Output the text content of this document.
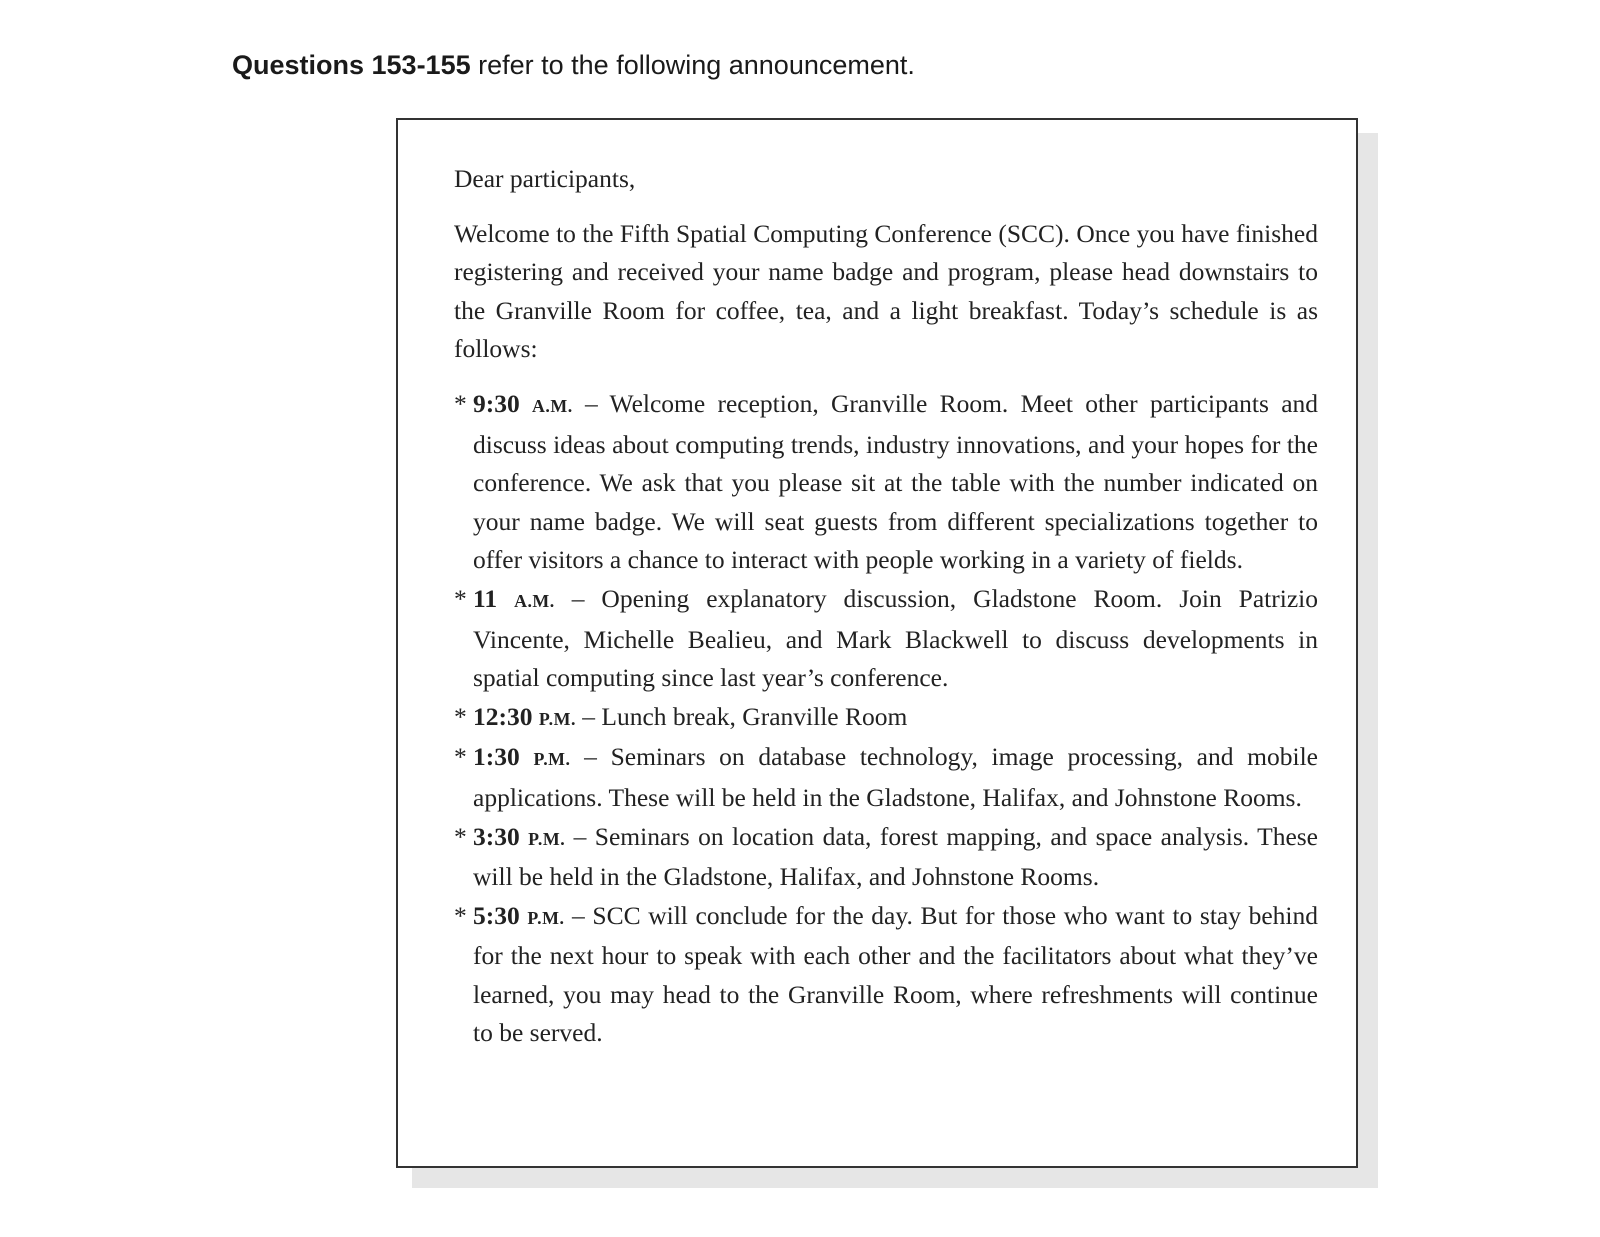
Questions 153-155 refer to the following announcement.

Dear participants,

Welcome to the Fifth Spatial Computing Conference (SCC). Once you have finished registering and received your name badge and program, please head downstairs to the Granville Room for coffee, tea, and a light breakfast. Today’s schedule is as follows:

* 9:30 A.M. – Welcome reception, Granville Room. Meet other participants and discuss ideas about computing trends, industry innovations, and your hopes for the conference. We ask that you please sit at the table with the number indicated on your name badge. We will seat guests from different specializations together to offer visitors a chance to interact with people working in a variety of fields.
* 11 A.M. – Opening explanatory discussion, Gladstone Room. Join Patrizio Vincente, Michelle Bealieu, and Mark Blackwell to discuss developments in spatial computing since last year’s conference.
* 12:30 P.M. – Lunch break, Granville Room
* 1:30 P.M. – Seminars on database technology, image processing, and mobile applications. These will be held in the Gladstone, Halifax, and Johnstone Rooms.
* 3:30 P.M. – Seminars on location data, forest mapping, and space analysis. These will be held in the Gladstone, Halifax, and Johnstone Rooms.
* 5:30 P.M. – SCC will conclude for the day. But for those who want to stay behind for the next hour to speak with each other and the facilitators about what they’ve learned, you may head to the Granville Room, where refreshments will continue to be served.
